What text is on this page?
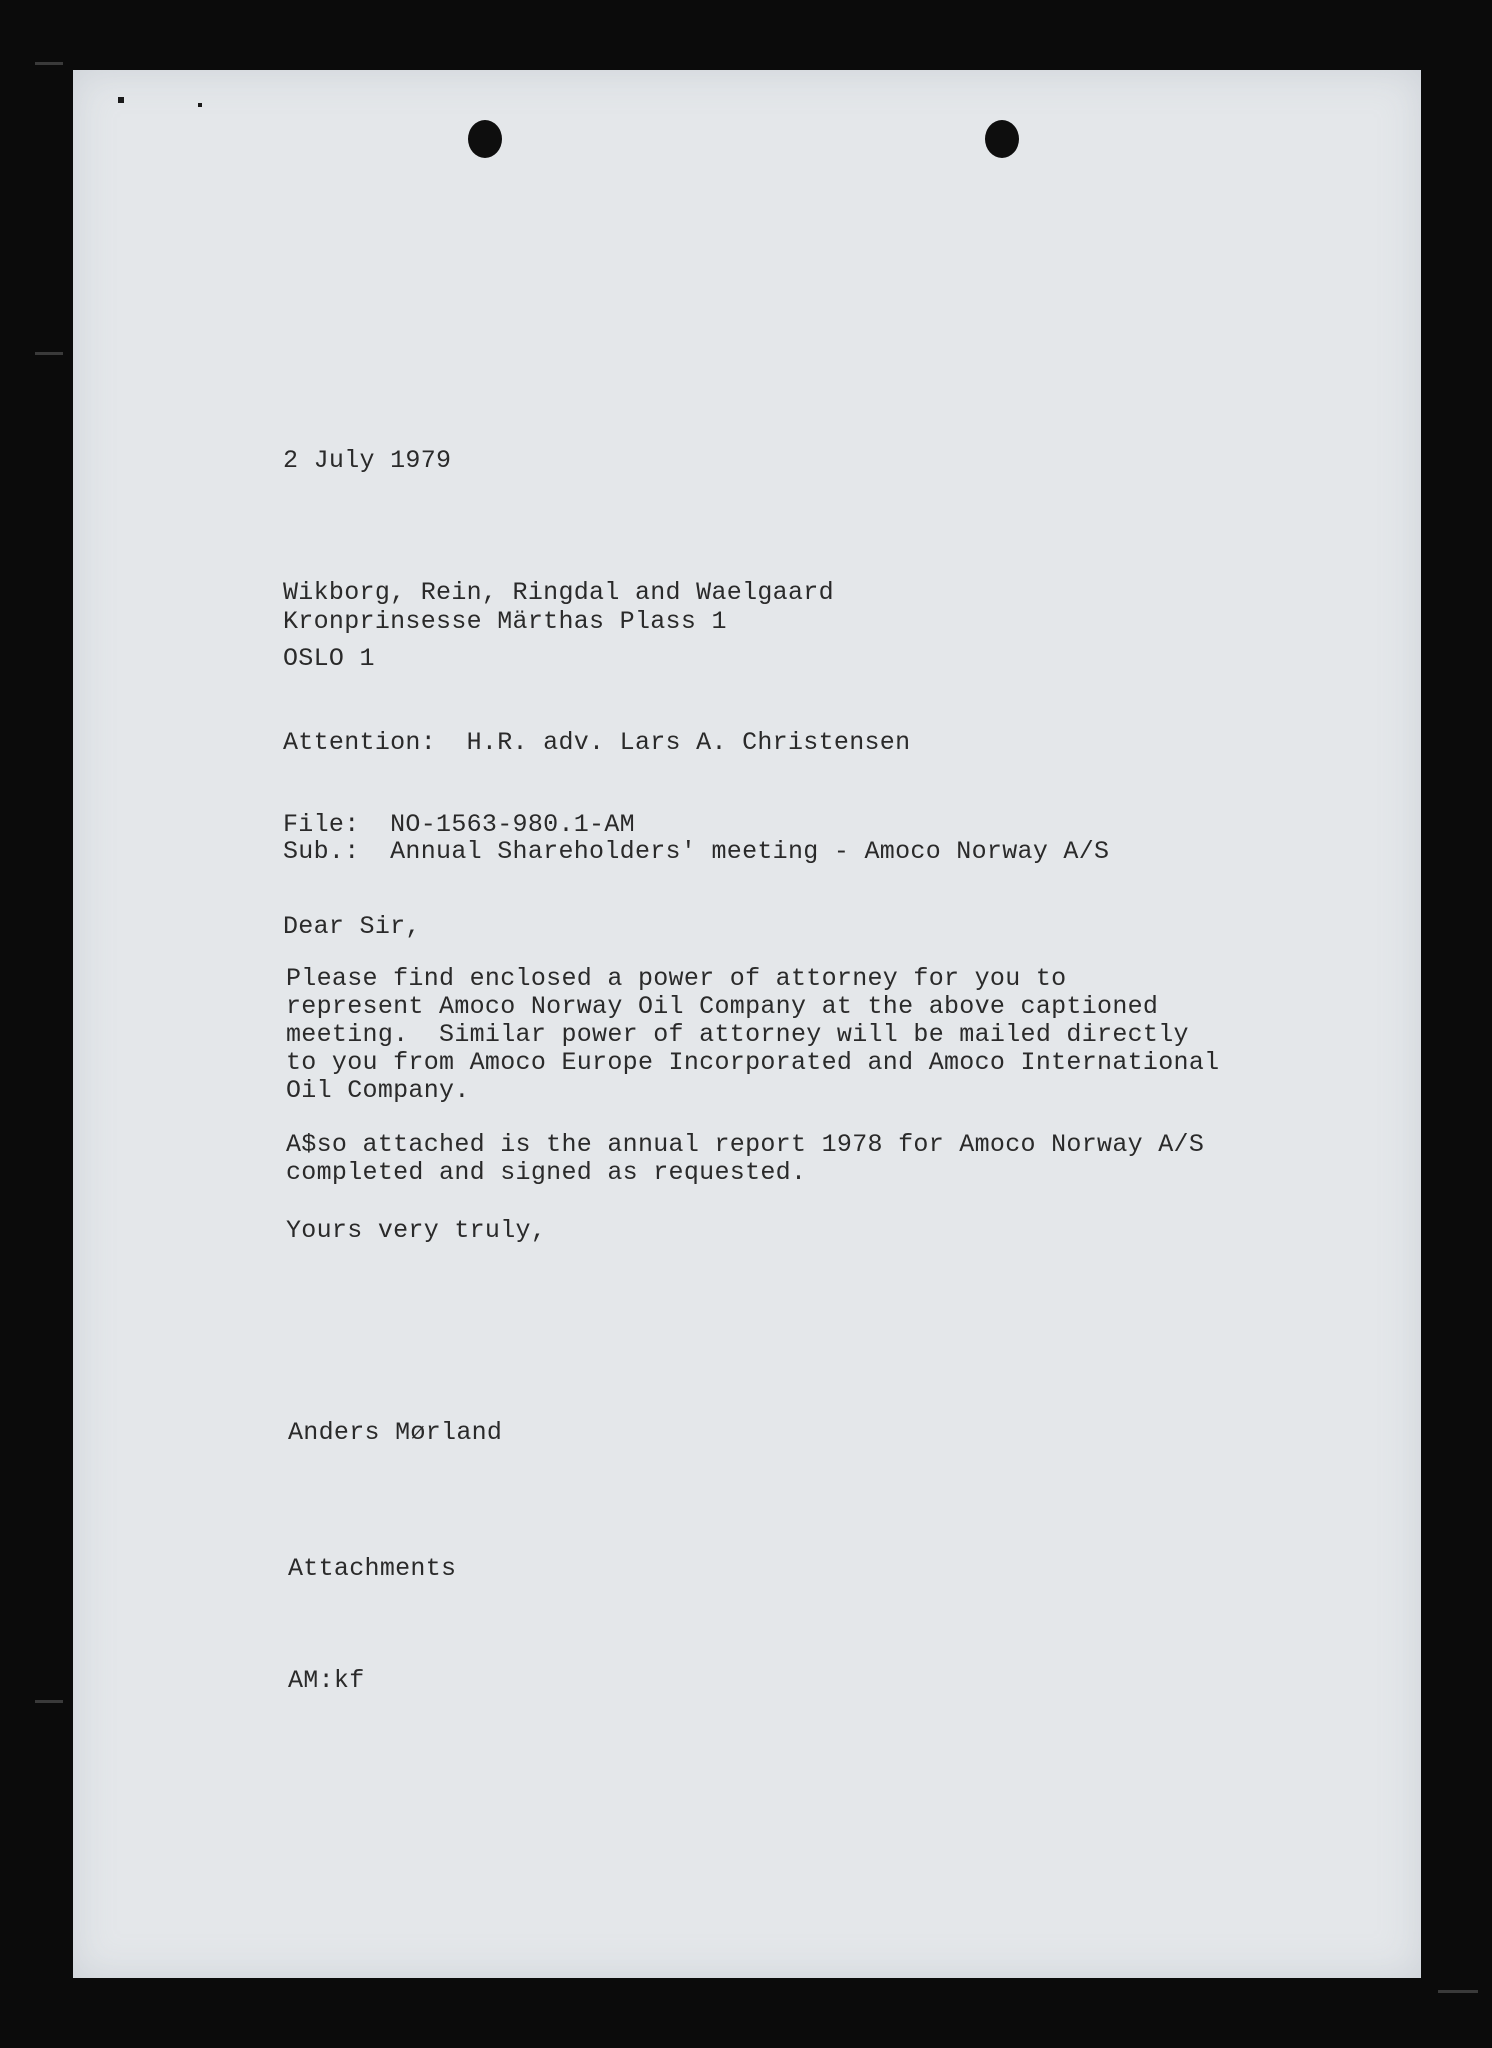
2 July 1979

Wikborg, Rein, Ringdal and Waelgaard

Kronprinsesse Märthas Plass 1

OSLO 1

Attention:  H.R. adv. Lars A. Christensen

File:  NO-1563-980.1-AM

Sub.:  Annual Shareholders' meeting - Amoco Norway A/S

Dear Sir,

Please find enclosed a power of attorney for you to

represent Amoco Norway Oil Company at the above captioned

meeting.  Similar power of attorney will be mailed directly

to you from Amoco Europe Incorporated and Amoco International

Oil Company.

A$so attached is the annual report 1978 for Amoco Norway A/S

completed and signed as requested.

Yours very truly,

Anders Mørland

Attachments

AM:kf
